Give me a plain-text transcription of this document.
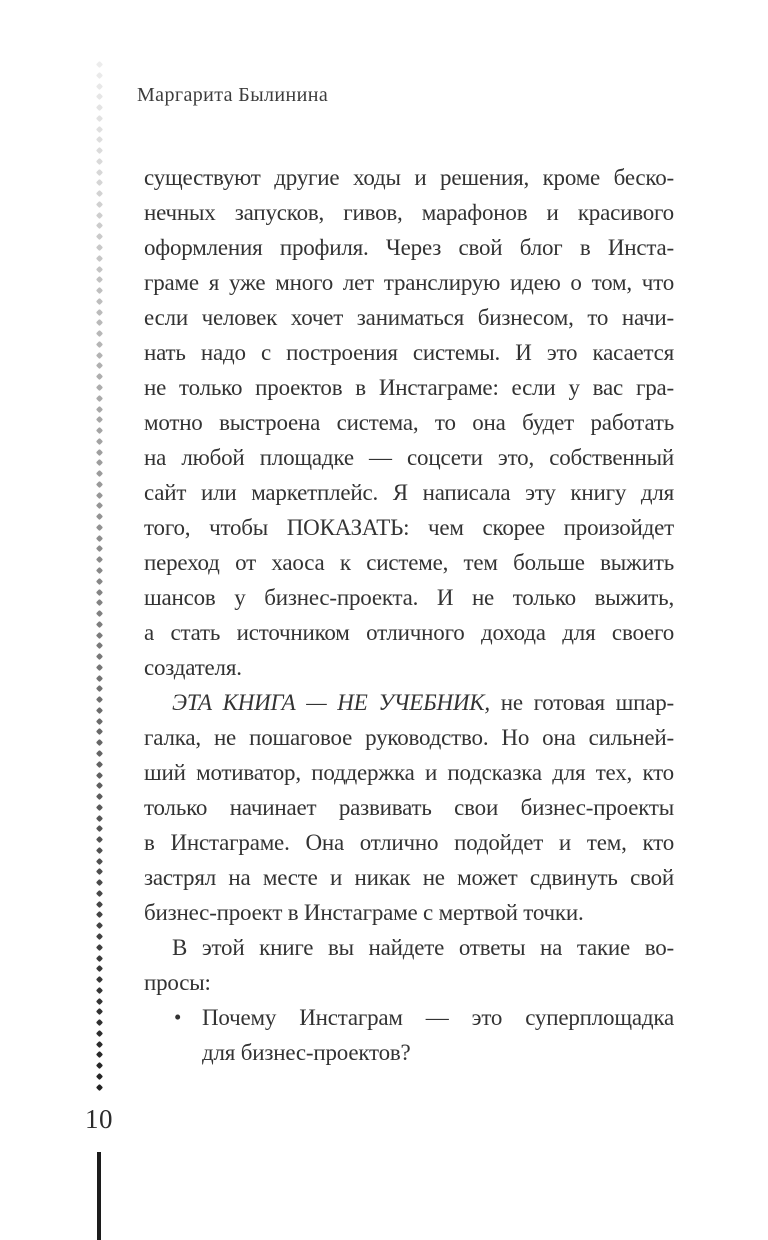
Маргарита Былинина
существуют другие ходы и решения, кроме беско-
нечных запусков, гивов, марафонов и красивого
оформления профиля. Через свой блог в Инста-
граме я уже много лет транслирую идею о том, что
если человек хочет заниматься бизнесом, то начи-
нать надо с построения системы. И это касается
не только проектов в Инстаграме: если у вас гра-
мотно выстроена система, то она будет работать
на любой площадке — соцсети это, собственный
сайт или маркетплейс. Я написала эту книгу для
того, чтобы ПОКАЗАТЬ: чем скорее произойдет
переход от хаоса к системе, тем больше выжить
шансов у бизнес-проекта. И не только выжить,
а стать источником отличного дохода для своего
создателя.
ЭТА КНИГА — НЕ УЧЕБНИК, не готовая шпар-
галка, не пошаговое руководство. Но она сильней-
ший мотиватор, поддержка и подсказка для тех, кто
только начинает развивать свои бизнес-проекты
в Инстаграме. Она отлично подойдет и тем, кто
застрял на месте и никак не может сдвинуть свой
бизнес-проект в Инстаграме с мертвой точки.
В этой книге вы найдете ответы на такие во-
просы:
• Почему Инстаграм — это суперплощадка
для бизнес-проектов?
10
